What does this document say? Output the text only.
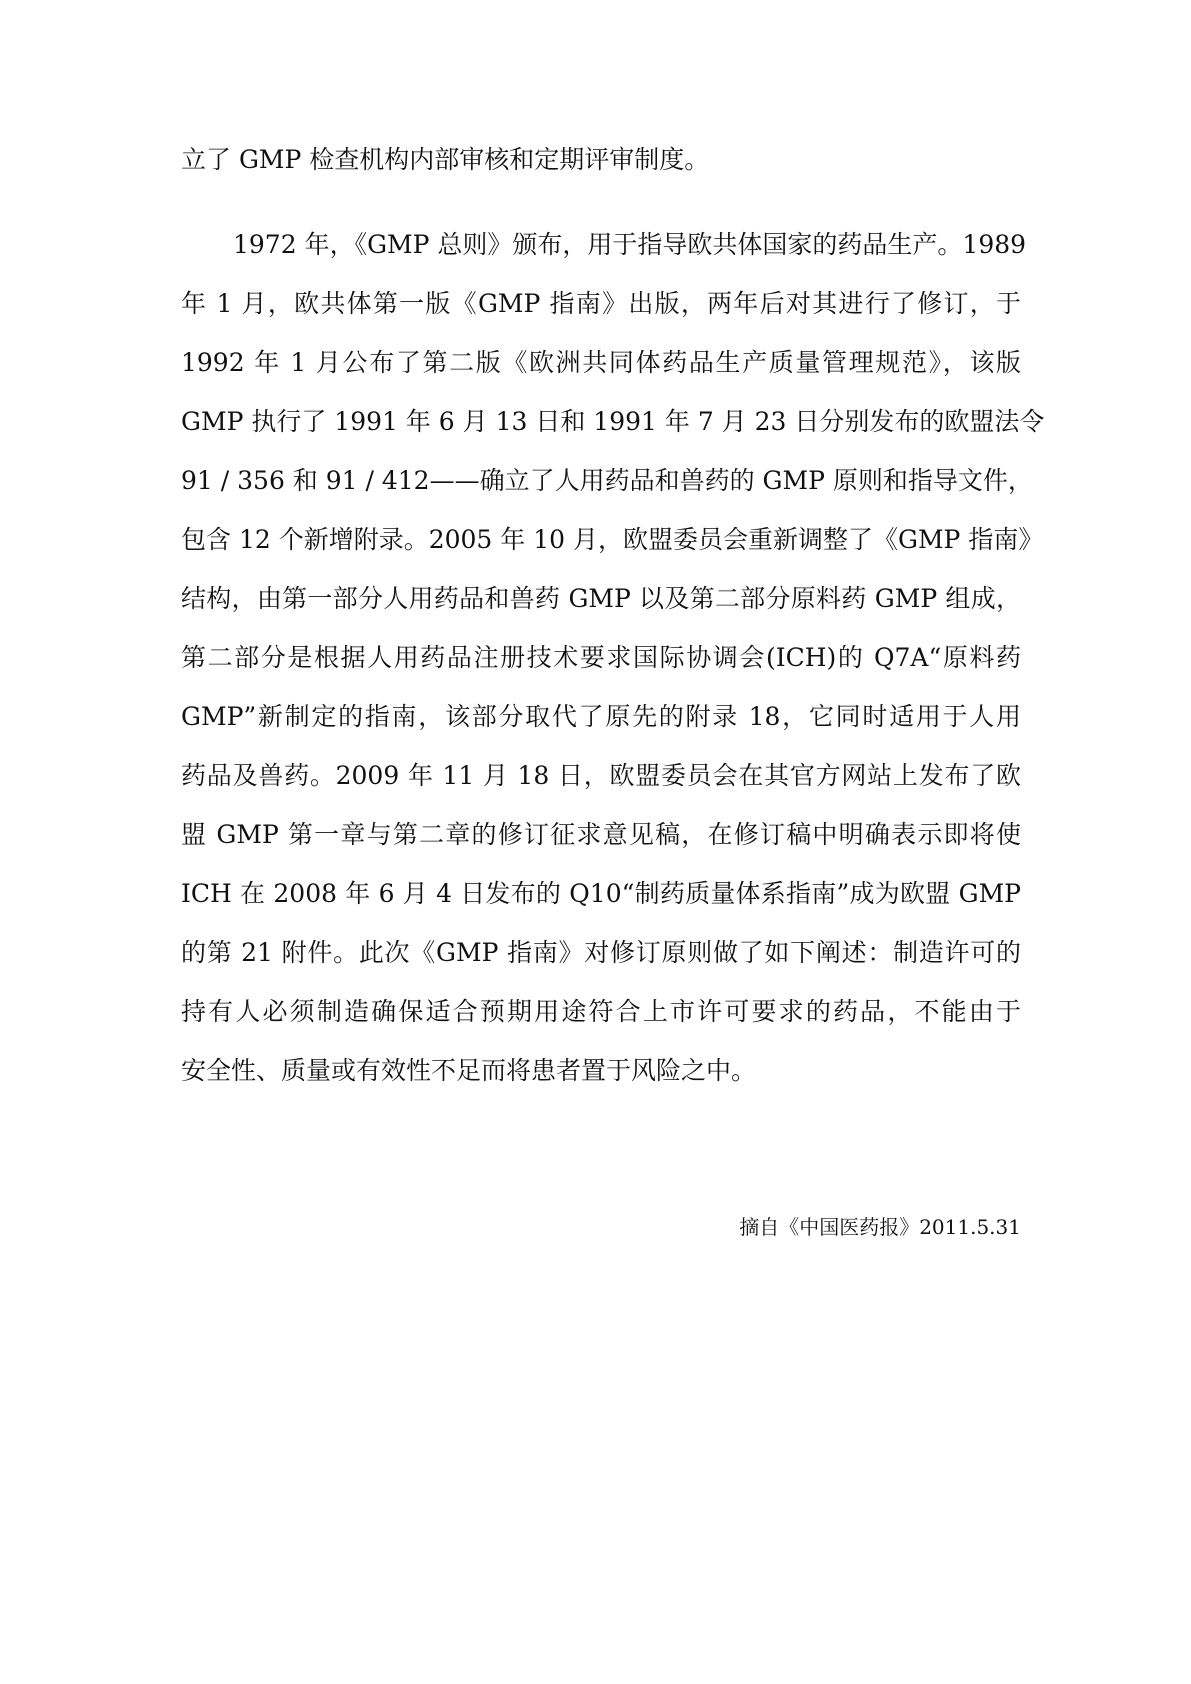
立了 GMP 检查机构内部审核和定期评审制度。
1972 年，《GMP 总则》颁布，用于指导欧共体国家的药品生产。1989
年 1 月，欧共体第一版《GMP 指南》出版，两年后对其进行了修订，于
1992 年 1 月公布了第二版《欧洲共同体药品生产质量管理规范》，该版
GMP 执行了 1991 年 6 月 13 日和 1991 年 7 月 23 日分别发布的欧盟法令
91 / 356 和 91 / 412——确立了人用药品和兽药的 GMP 原则和指导文件，
包含 12 个新增附录。2005 年 10 月，欧盟委员会重新调整了《GMP 指南》
结构，由第一部分人用药品和兽药 GMP 以及第二部分原料药 GMP 组成，
第二部分是根据人用药品注册技术要求国际协调会(ICH)的 Q7A“原料药
GMP”新制定的指南，该部分取代了原先的附录 18，它同时适用于人用
药品及兽药。2009 年 11 月 18 日，欧盟委员会在其官方网站上发布了欧
盟 GMP 第一章与第二章的修订征求意见稿，在修订稿中明确表示即将使
ICH 在 2008 年 6 月 4 日发布的 Q10“制药质量体系指南”成为欧盟 GMP
的第 21 附件。此次《GMP 指南》对修订原则做了如下阐述：制造许可的
持有人必须制造确保适合预期用途符合上市许可要求的药品，不能由于
安全性、质量或有效性不足而将患者置于风险之中。
摘自《中国医药报》2011.5.31
